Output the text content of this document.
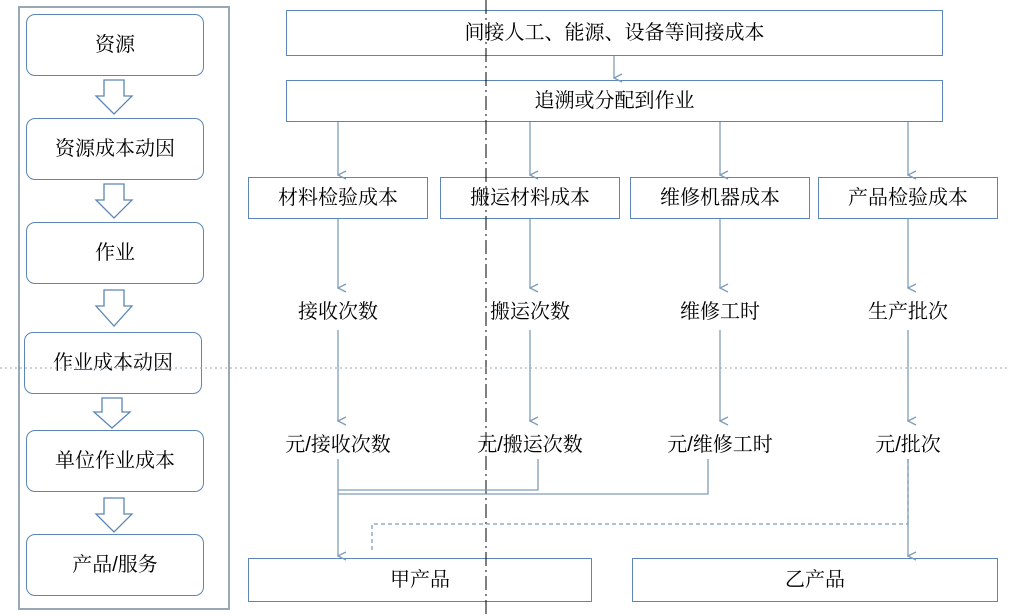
资源
资源成本动因
作业
作业成本动因
单位作业成本
产品/服务
间接人工、能源、设备等间接成本
追溯或分配到作业
材料检验成本	搬运材料成本	维修机器成本	产品检验成本
接收次数	搬运次数	维修工时	生产批次
元/接收次数	元/搬运次数	元/维修工时	元/批次
甲产品	乙产品
